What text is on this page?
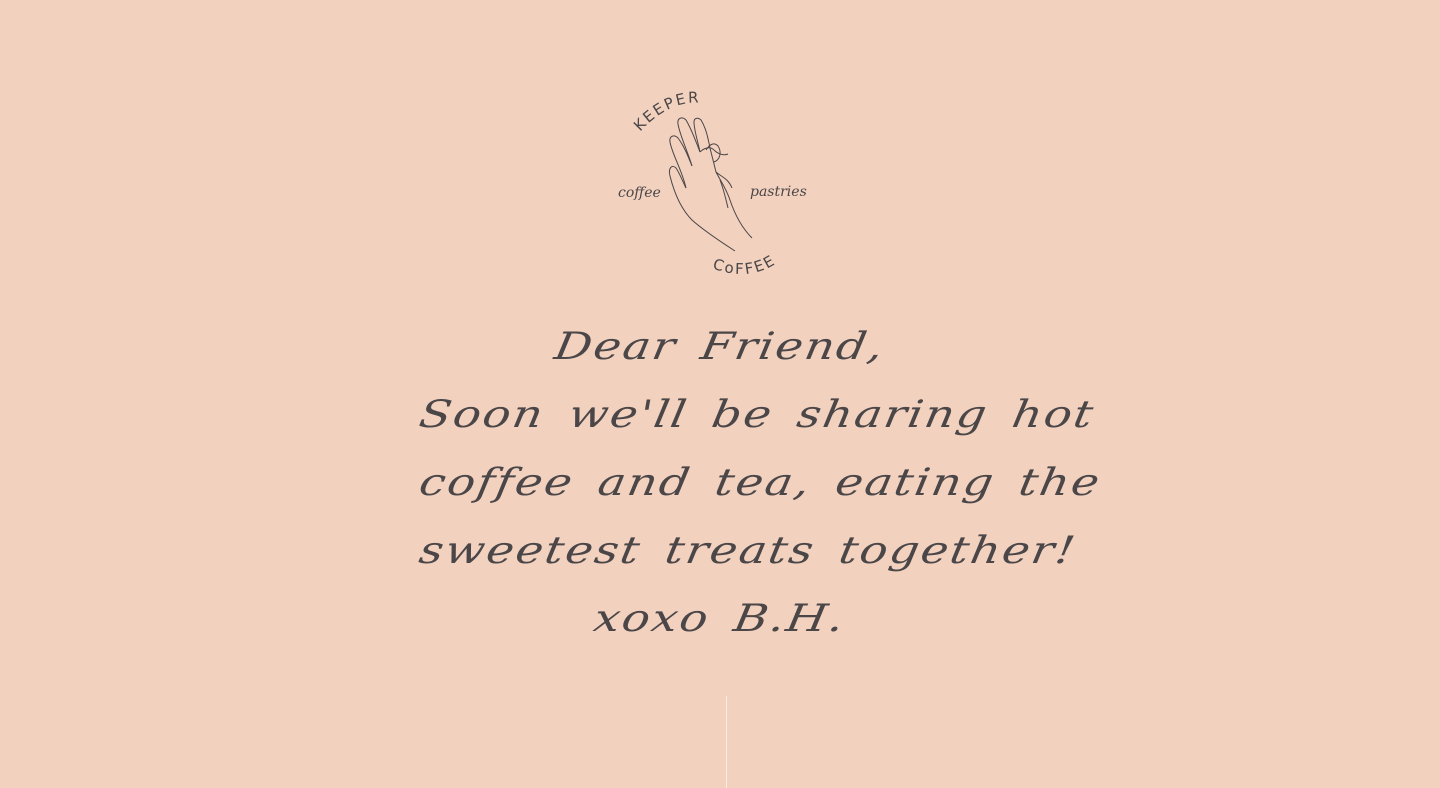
KEEPER
CoFFEE
coffee	pastries
Dear Friend,
Soon we'll be sharing hot
coffee and tea, eating the
sweetest treats together!
xoxo B.H.
